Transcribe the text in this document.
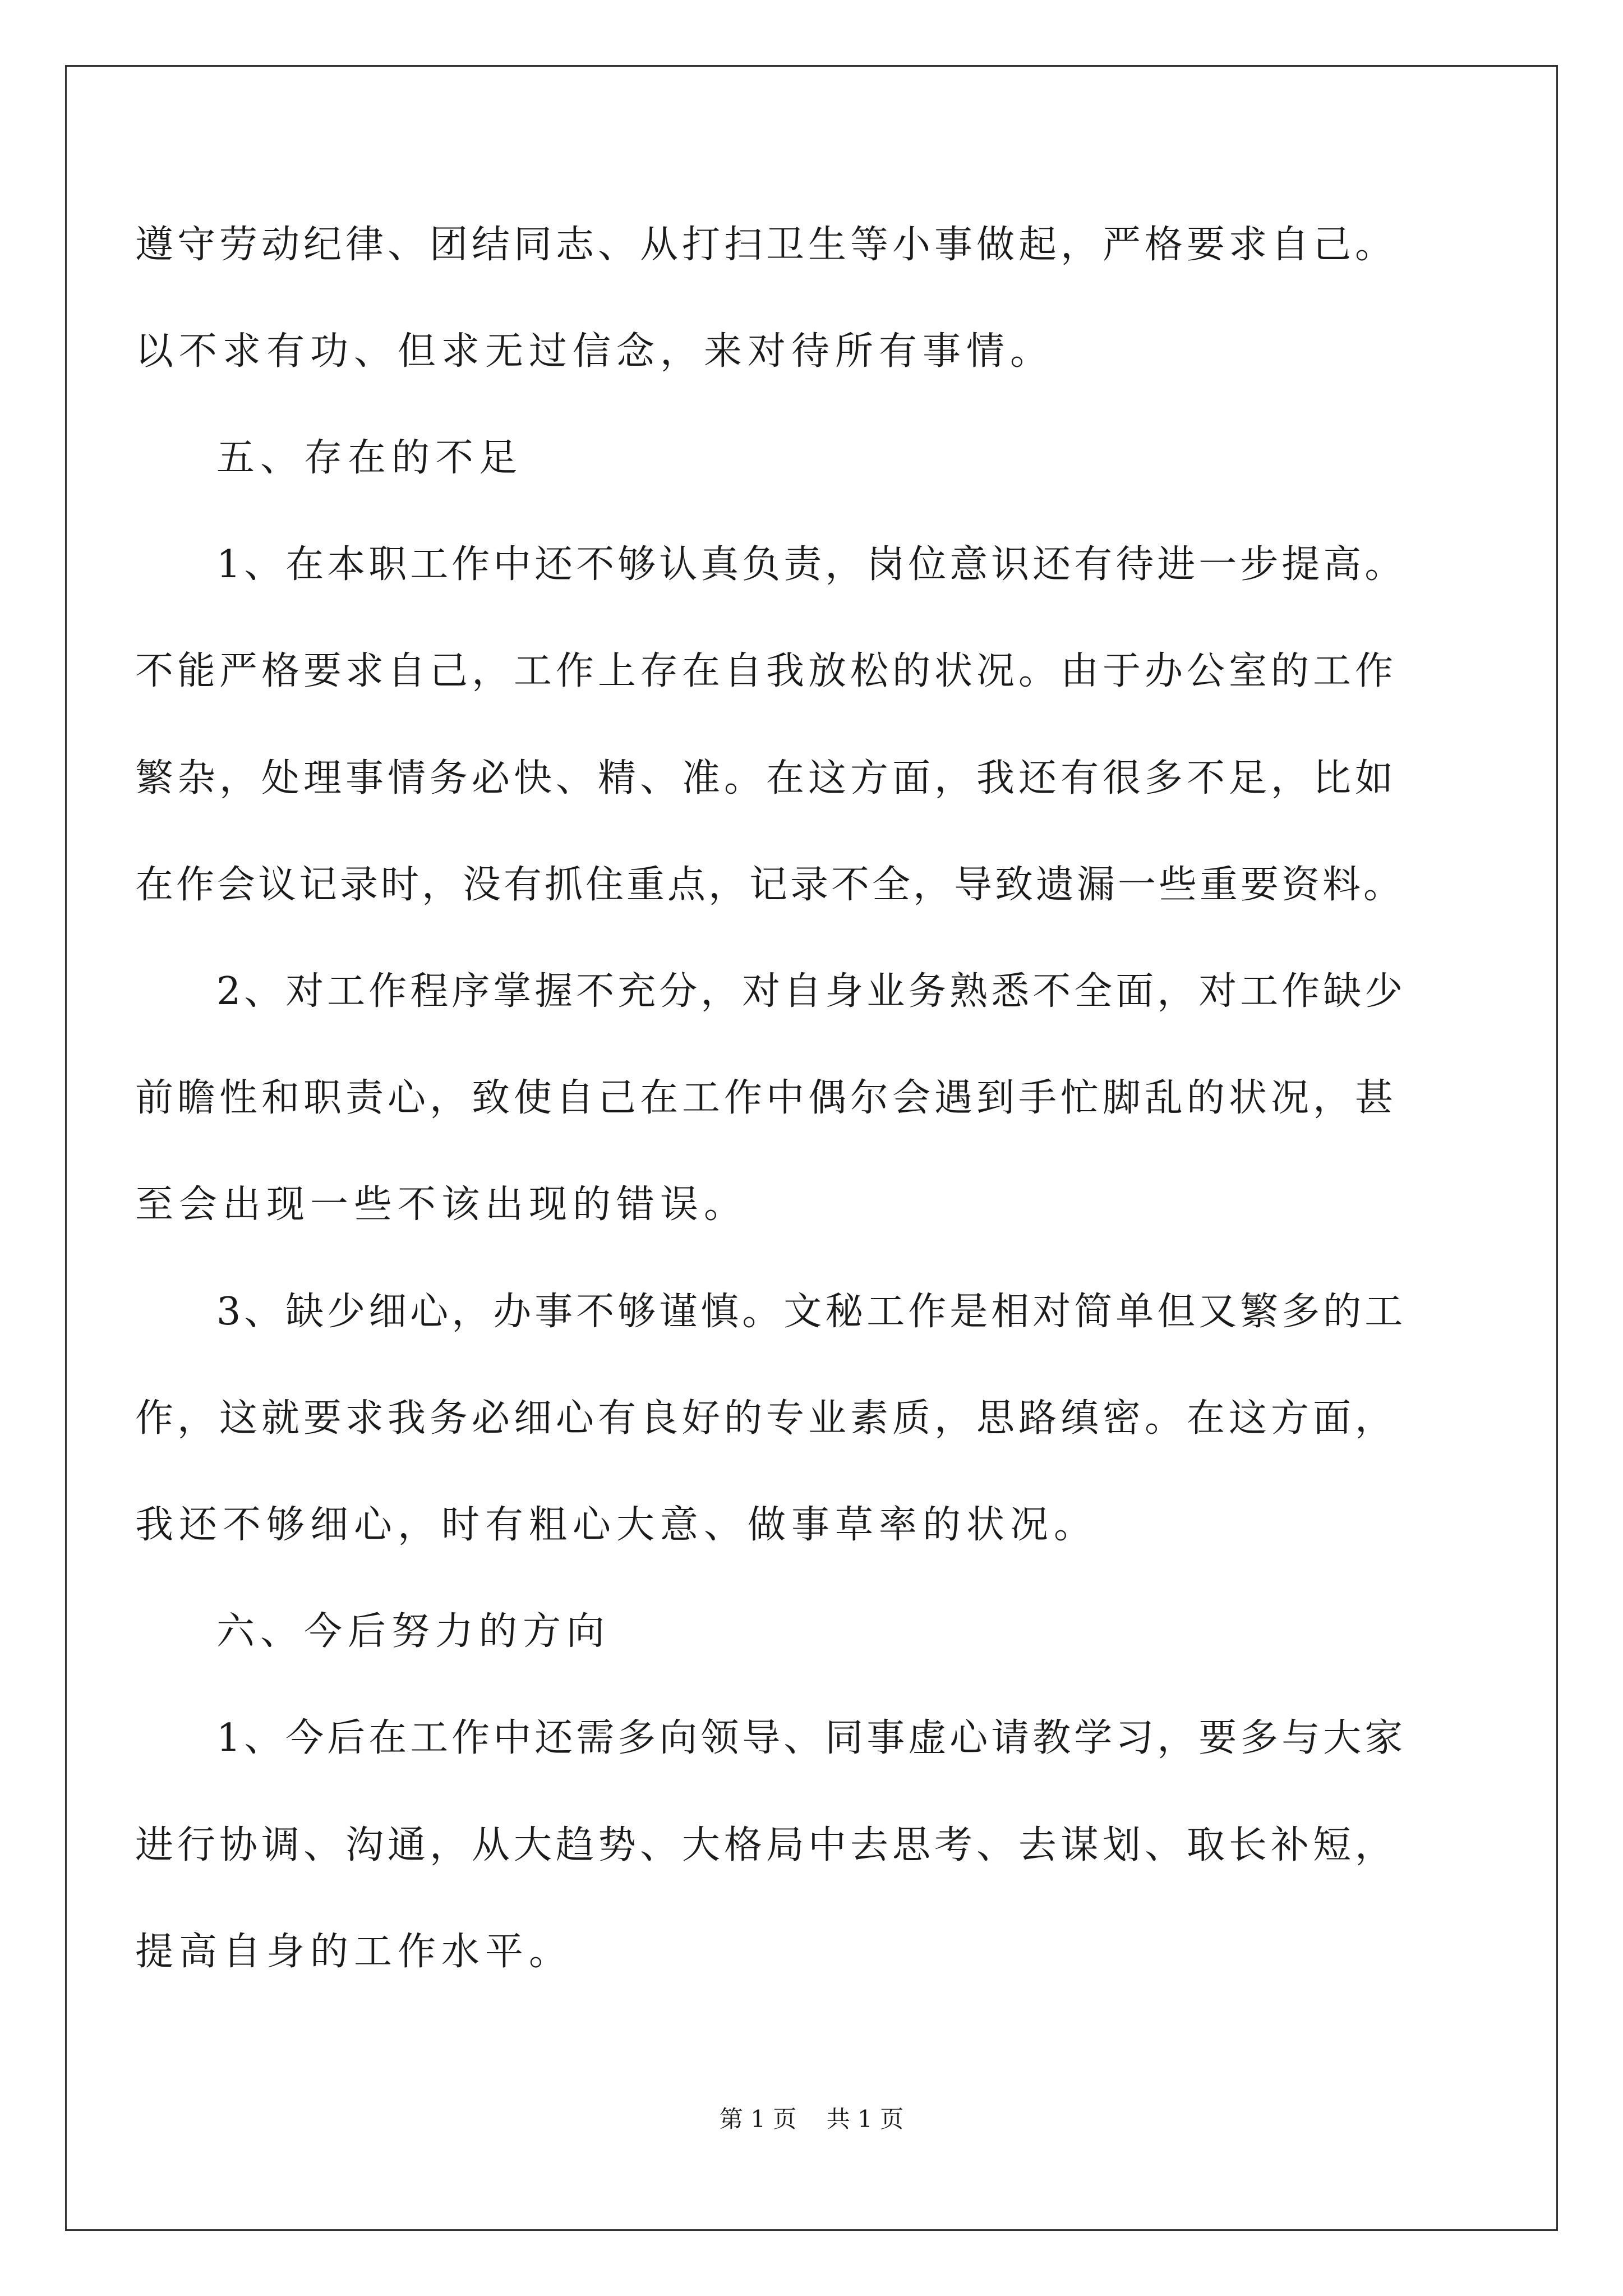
遵守劳动纪律、团结同志、从打扫卫生等小事做起，严格要求自己。
以不求有功、但求无过信念，来对待所有事情。
五、存在的不足
1、在本职工作中还不够认真负责，岗位意识还有待进一步提高。
不能严格要求自己，工作上存在自我放松的状况。由于办公室的工作
繁杂，处理事情务必快、精、准。在这方面，我还有很多不足，比如
在作会议记录时，没有抓住重点，记录不全，导致遗漏一些重要资料。
2、对工作程序掌握不充分，对自身业务熟悉不全面，对工作缺少
前瞻性和职责心，致使自己在工作中偶尔会遇到手忙脚乱的状况，甚
至会出现一些不该出现的错误。
3、缺少细心，办事不够谨慎。文秘工作是相对简单但又繁多的工
作，这就要求我务必细心有良好的专业素质，思路缜密。在这方面，
我还不够细心，时有粗心大意、做事草率的状况。
六、今后努力的方向
1、今后在工作中还需多向领导、同事虚心请教学习，要多与大家
进行协调、沟通，从大趋势、大格局中去思考、去谋划、取长补短，
提高自身的工作水平。
第 1 页    共 1 页
